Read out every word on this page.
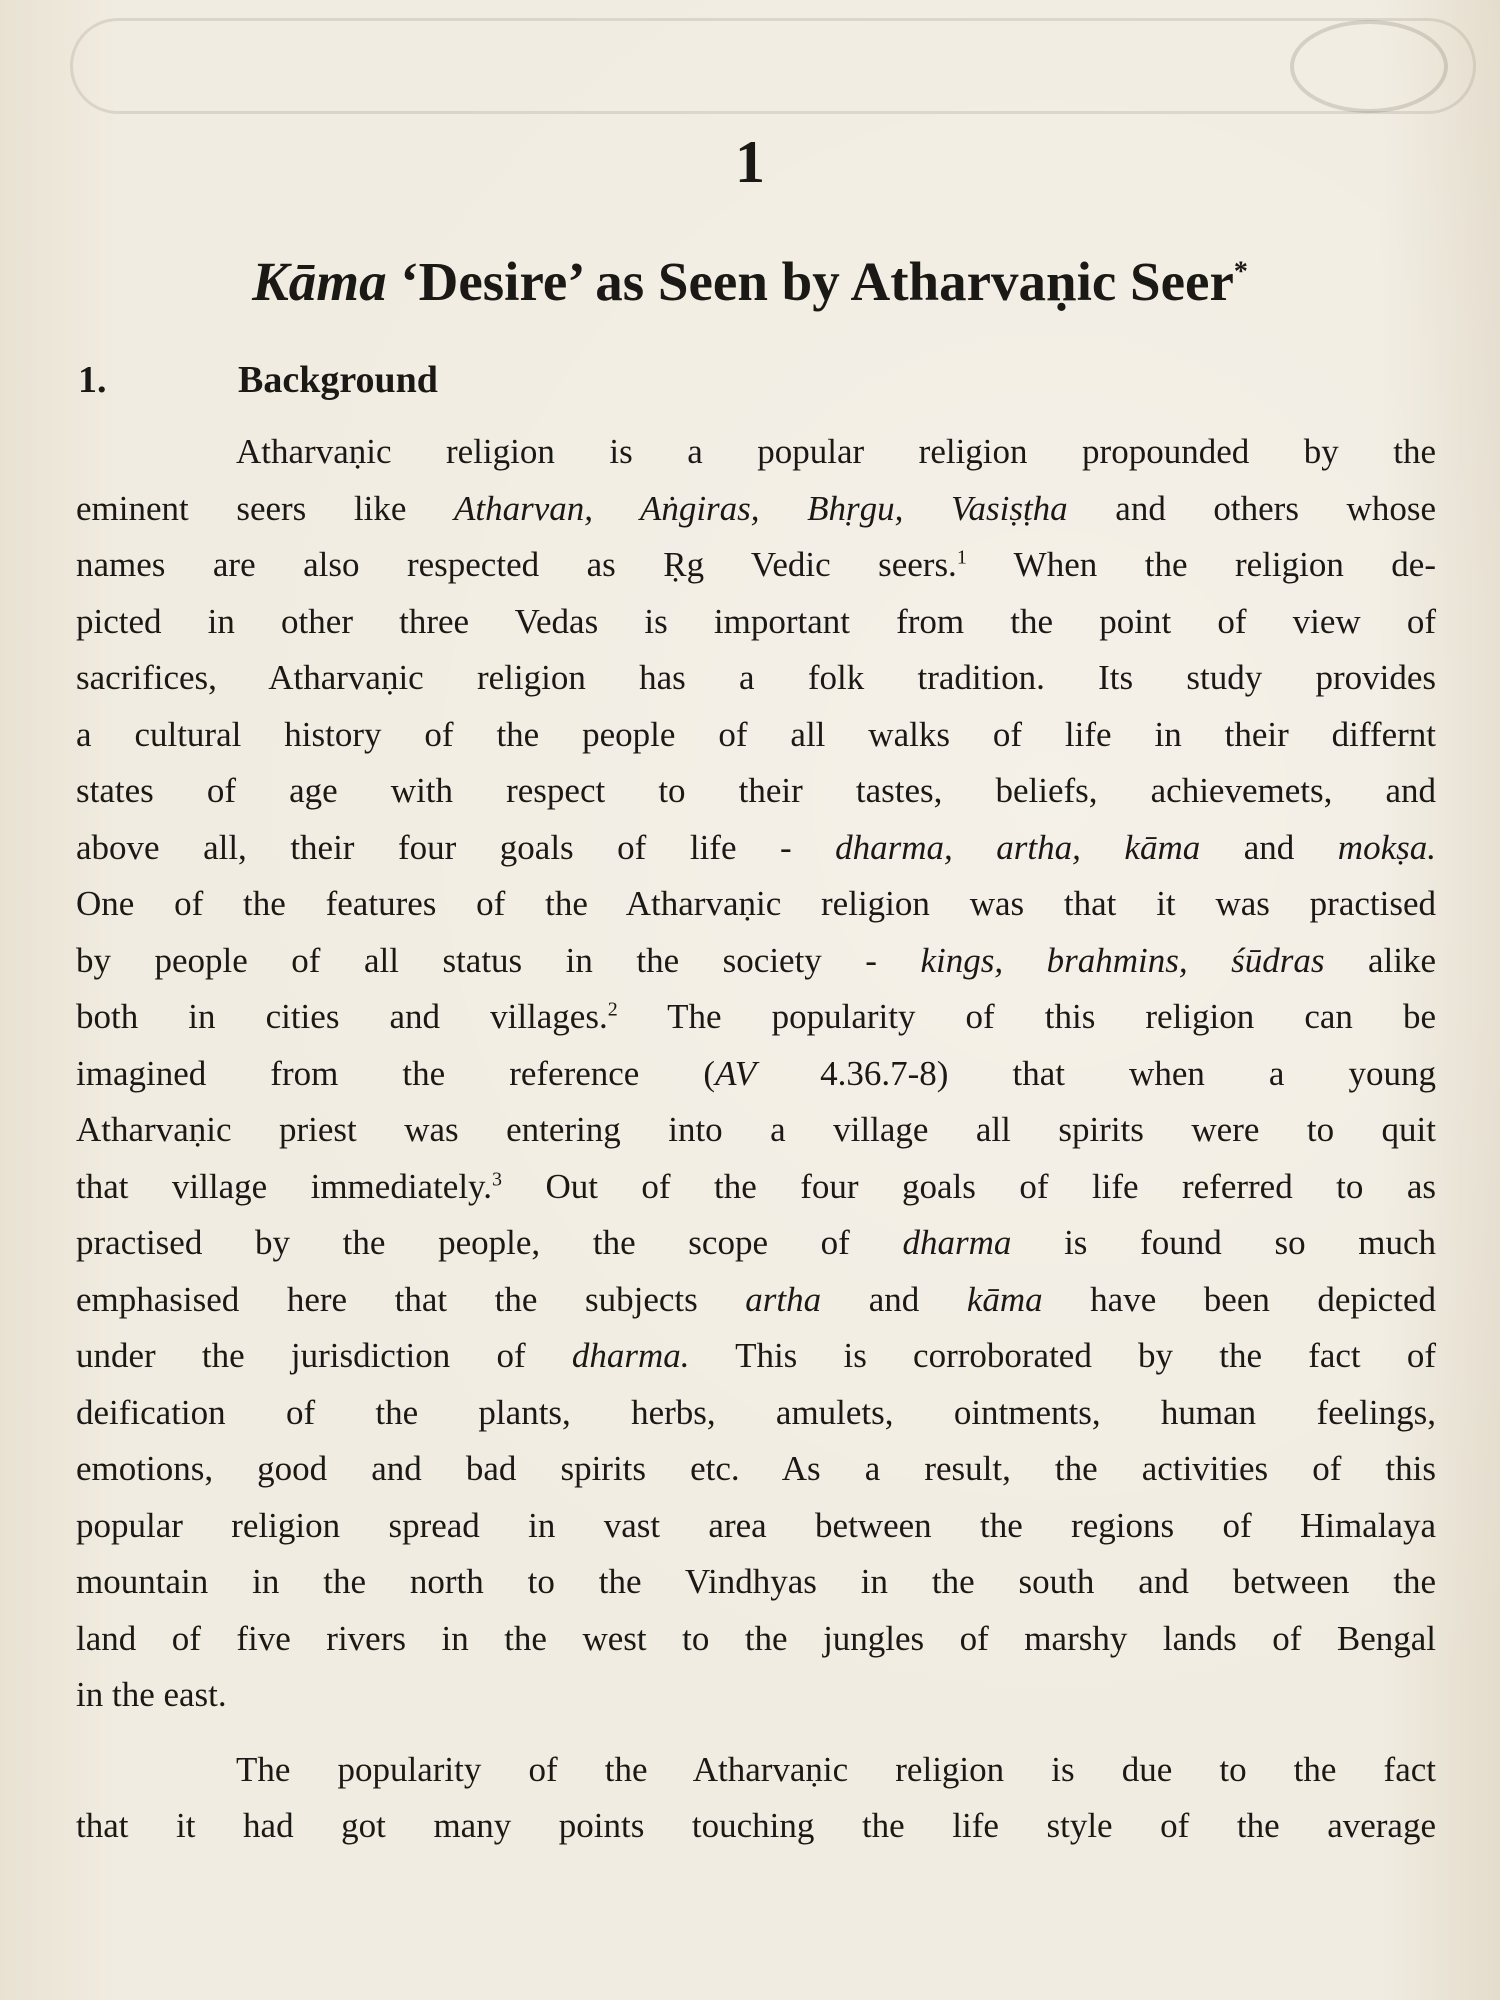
1
Kāma ‘Desire’ as Seen by Atharvaṇic Seer*
1.	Background
Atharvaṇic religion is a popular religion propounded by the
eminent seers like Atharvan, Aṅgiras, Bhṛgu, Vasiṣṭha and others whose
names are also respected as Ṛg Vedic seers.$^1$ When the religion de-
picted in other three Vedas is important from the point of view of
sacrifices, Atharvaṇic religion has a folk tradition. Its study provides
a cultural history of the people of all walks of life in their differnt
states of age with respect to their tastes, beliefs, achievemets, and
above all, their four goals of life - dharma, artha, kāma and mokṣa.
One of the features of the Atharvaṇic religion was that it was practised
by people of all status in the society - kings, brahmins, śūdras alike
both in cities and villages.$^2$ The popularity of this religion can be
imagined from the reference (AV 4.36.7-8) that when a young
Atharvaṇic priest was entering into a village all spirits were to quit
that village immediately.$^3$ Out of the four goals of life referred to as
practised by the people, the scope of dharma is found so much
emphasised here that the subjects artha and kāma have been depicted
under the jurisdiction of dharma. This is corroborated by the fact of
deification of the plants, herbs, amulets, ointments, human feelings,
emotions, good and bad spirits etc. As a result, the activities of this
popular religion spread in vast area between the regions of Himalaya
mountain in the north to the Vindhyas in the south and between the
land of five rivers in the west to the jungles of marshy lands of Bengal
in the east.
The popularity of the Atharvaṇic religion is due to the fact
that it had got many points touching the life style of the average
